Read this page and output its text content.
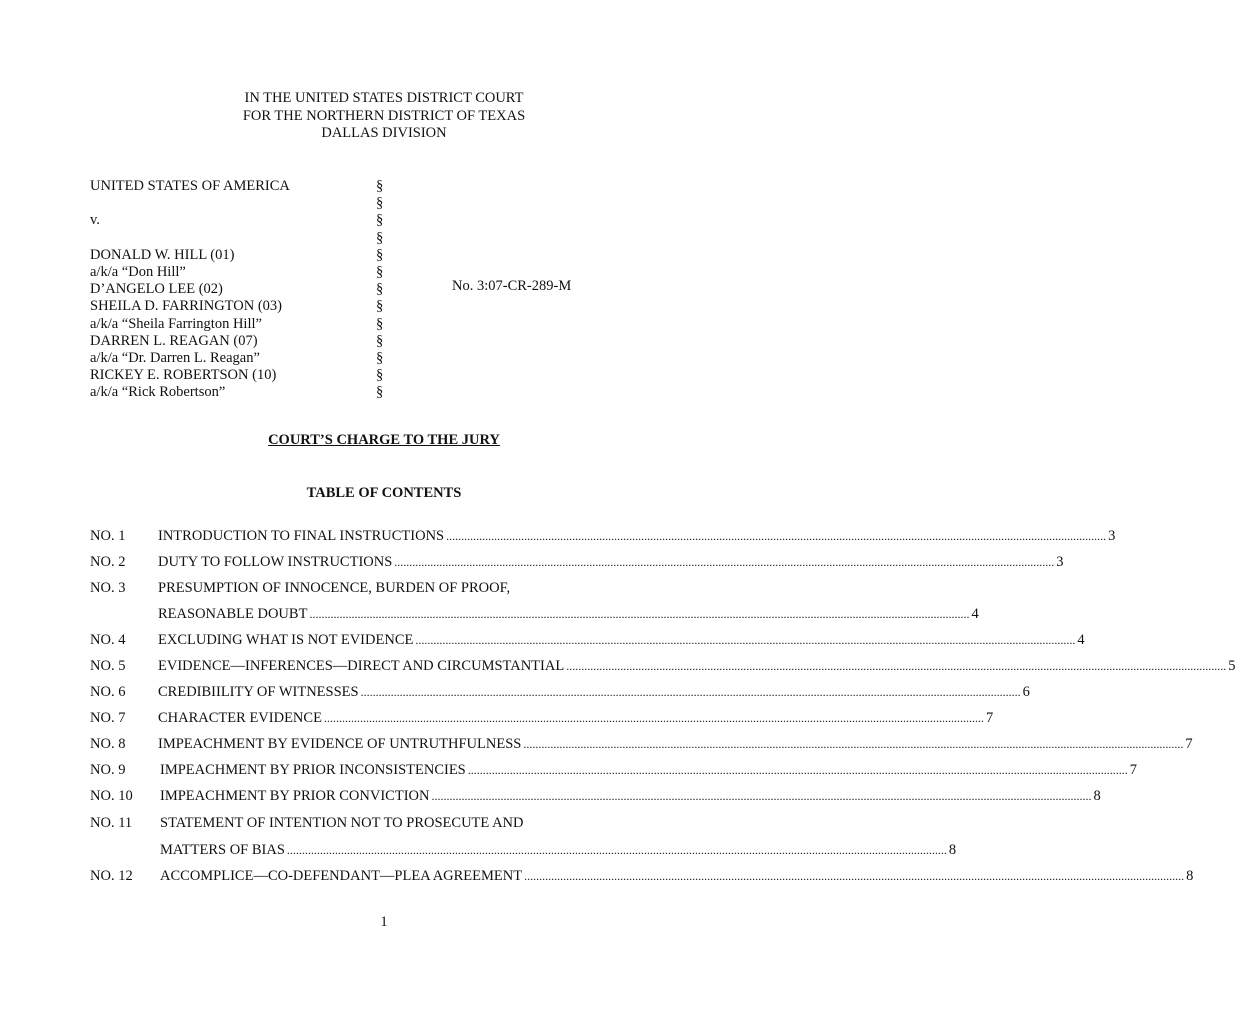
IN THE UNITED STATES DISTRICT COURT
FOR THE NORTHERN DISTRICT OF TEXAS
DALLAS DIVISION
UNITED STATES OF AMERICA
v.
DONALD W. HILL (01)
a/k/a “Don Hill”
D’ANGELO LEE (02)
SHEILA D. FARRINGTON (03)
a/k/a “Sheila Farrington Hill”
DARREN L. REAGAN (07)
a/k/a “Dr. Darren L. Reagan”
RICKEY E. ROBERTSON (10)
a/k/a “Rick Robertson”
§
§
§
§
§
§
§
§
§
§
§
§
§
No. 3:07-CR-289-M
COURT’S CHARGE TO THE JURY
TABLE OF CONTENTS
NO. 1 INTRODUCTION TO FINAL INSTRUCTIONS ............................................................................................................................................................................................................................ 3
NO. 2 DUTY TO FOLLOW INSTRUCTIONS ............................................................................................................................................................................................................................ 3
NO. 3 PRESUMPTION OF INNOCENCE, BURDEN OF PROOF,
REASONABLE DOUBT ............................................................................................................................................................................................................................ 4
NO. 4 EXCLUDING WHAT IS NOT EVIDENCE ............................................................................................................................................................................................................................ 4
NO. 5 EVIDENCE—INFERENCES—DIRECT AND CIRCUMSTANTIAL ............................................................................................................................................................................................................................ 5
NO. 6 CREDIBIILITY OF WITNESSES ............................................................................................................................................................................................................................ 6
NO. 7 CHARACTER EVIDENCE ............................................................................................................................................................................................................................ 7
NO. 8 IMPEACHMENT BY EVIDENCE OF UNTRUTHFULNESS ............................................................................................................................................................................................................................ 7
NO. 9 IMPEACHMENT BY PRIOR INCONSISTENCIES ............................................................................................................................................................................................................................ 7
NO. 10 IMPEACHMENT BY PRIOR CONVICTION ............................................................................................................................................................................................................................ 8
NO. 11 STATEMENT OF INTENTION NOT TO PROSECUTE AND
MATTERS OF BIAS ............................................................................................................................................................................................................................ 8
NO. 12 ACCOMPLICE—CO-DEFENDANT—PLEA AGREEMENT ............................................................................................................................................................................................................................ 8
1
